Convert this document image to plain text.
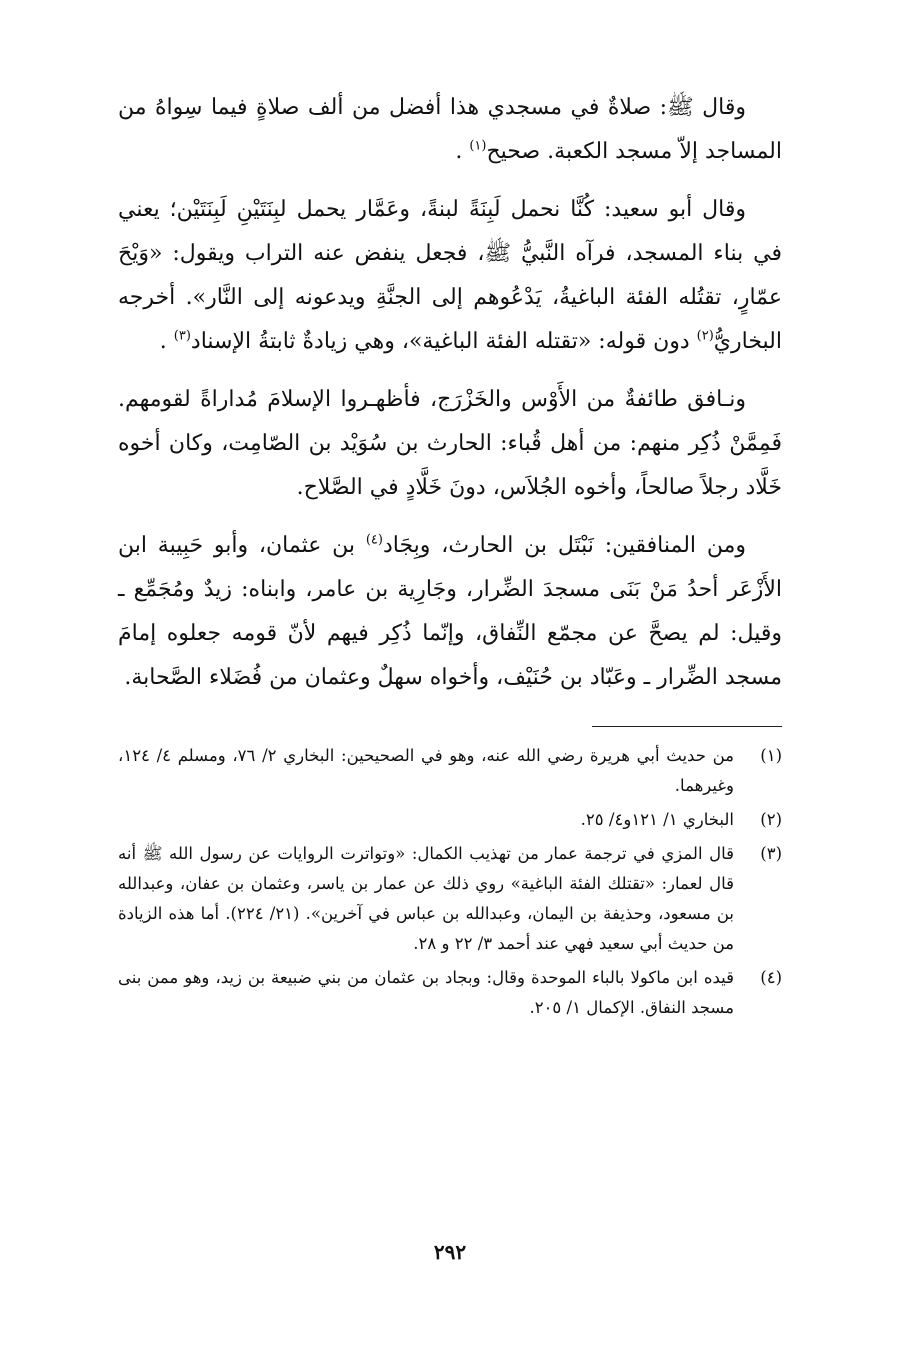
وقال ﷺ: صلاةٌ في مسجدي هذا أفضل من ألف صلاةٍ فيما سِواهُ من المساجد إلاّ مسجد الكعبة. صحيح$^{(١)}$ .

وقال أبو سعيد: كُنَّا نحمل لَبِنَةً لبنةً، وعَمَّار يحمل لبِنَتَيْنِ لَبِنَتَيْن؛ يعني في بناء المسجد، فرآه النَّبيُّ ﷺ، فجعل ينفض عنه التراب ويقول: «وَيْحَ عمّارٍ، تقتُله الفئة الباغيةُ، يَدْعُوهم إلى الجنَّةِ ويدعونه إلى النَّار». أخرجه البخاريُّ$^{(٢)}$ دون قوله: «تقتله الفئة الباغية»، وهي زيادةٌ ثابتةُ الإسناد$^{(٣)}$ .

ونـافق طائفةٌ من الأَوْس والخَزْرَج، فأظهـروا الإسلامَ مُداراةً لقومهم. فَمِمَّنْ ذُكِر منهم: من أهل قُباء: الحارث بن سُوَيْد بن الصّامِت، وكان أخوه خَلَّاد رجلاً صالحاً، وأخوه الجُلاَس، دونَ خَلَّادٍ في الصَّلاح.

ومن المنافقين: نَبْتَل بن الحارث، وبِجَاد$^{(٤)}$ بن عثمان، وأبو حَبِيبة ابن الأَزْعَر أحدُ مَنْ بَنَى مسجدَ الضِّرار، وجَارِية بن عامر، وابناه: زيدٌ ومُجَمِّع ـ وقيل: لم يصحَّ عن مجمّع النِّفاق، وإنّما ذُكِر فيهم لأنّ قومه جعلوه إمامَ مسجد الضِّرار ـ وعَبّاد بن حُنَيْف، وأخواه سهلٌ وعثمان من فُضَلاء الصَّحابة.

(١)
من حديث أبي هريرة رضي الله عنه، وهو في الصحيحين: البخاري ٢/ ٧٦، ومسلم ٤/ ١٢٤، وغيرهما.
(٢)
البخاري ١/ ١٢١و٤/ ٢٥.
(٣)
قال المزي في ترجمة عمار من تهذيب الكمال: «وتواترت الروايات عن رسول الله ﷺ أنه قال لعمار: «تقتلك الفئة الباغية» روي ذلك عن عمار بن ياسر، وعثمان بن عفان، وعبدالله بن مسعود، وحذيفة بن اليمان، وعبدالله بن عباس في آخرين». (٢١/ ٢٢٤). أما هذه الزيادة من حديث أبي سعيد فهي عند أحمد ٣/ ٢٢ و ٢٨.
(٤)
قيده ابن ماكولا بالباء الموحدة وقال: وبجاد بن عثمان من بني ضبيعة بن زيد، وهو ممن بنى مسجد النفاق. الإكمال ١/ ٢٠٥.
٢٩٢
